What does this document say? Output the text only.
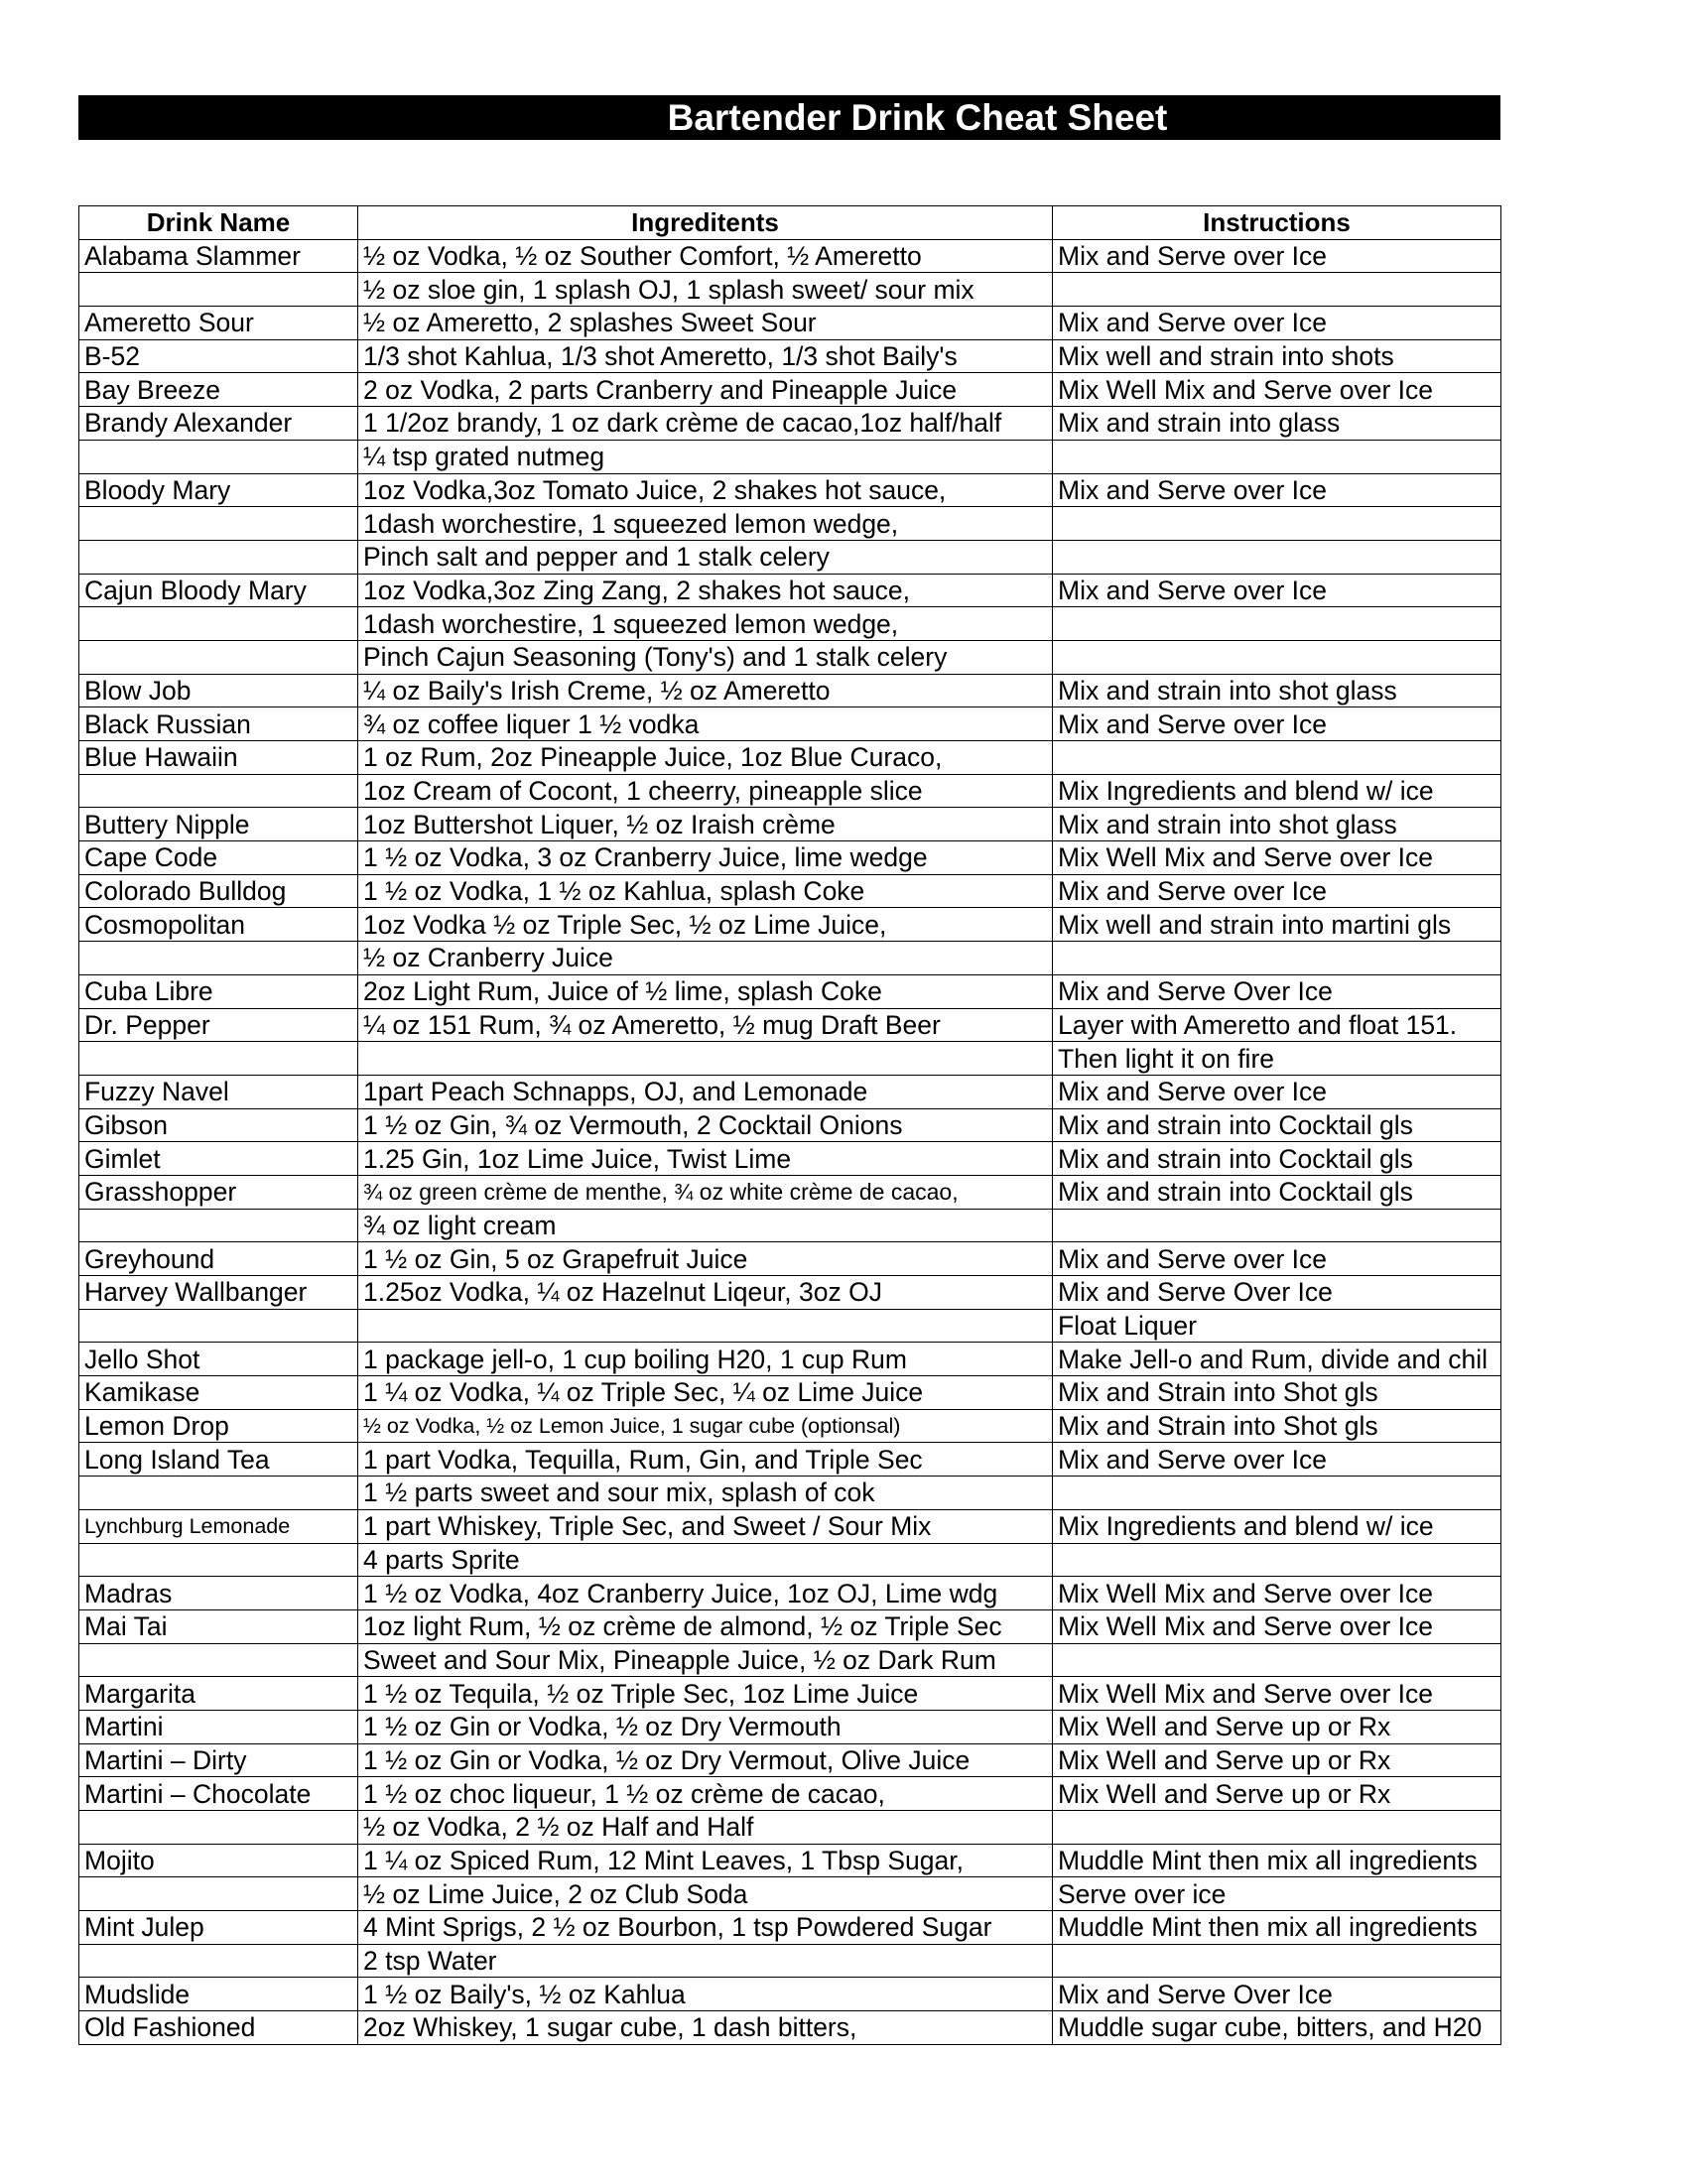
Bartender Drink Cheat Sheet
Drink Name	Ingreditents	Instructions
Alabama Slammer	½ oz Vodka, ½ oz Souther Comfort, ½ Ameretto	Mix and Serve over Ice
	½ oz sloe gin, 1 splash OJ, 1 splash sweet/ sour mix	
Ameretto Sour	½ oz Ameretto, 2 splashes Sweet Sour	Mix and Serve over Ice
B-52	1/3 shot Kahlua, 1/3 shot Ameretto, 1/3 shot Baily's	Mix well and strain into shots
Bay Breeze	2 oz Vodka, 2 parts Cranberry and Pineapple Juice	Mix Well Mix and Serve over Ice
Brandy Alexander	1 1/2oz brandy, 1 oz dark crème de cacao,1oz half/half	Mix and strain into glass
	¼ tsp grated nutmeg	
Bloody Mary	1oz Vodka,3oz Tomato Juice, 2 shakes hot sauce,	Mix and Serve over Ice
	1dash worchestire, 1 squeezed lemon wedge,	
	Pinch salt and pepper and 1 stalk celery	
Cajun Bloody Mary	1oz Vodka,3oz Zing Zang, 2 shakes hot sauce,	Mix and Serve over Ice
	1dash worchestire, 1 squeezed lemon wedge,	
	Pinch Cajun Seasoning (Tony's) and 1 stalk celery	
Blow Job	¼ oz Baily's Irish Creme, ½ oz Ameretto	Mix and strain into shot glass
Black Russian	¾ oz coffee liquer 1 ½ vodka	Mix and Serve over Ice
Blue Hawaiin	1 oz Rum, 2oz Pineapple Juice, 1oz Blue Curaco,	
	1oz Cream of Cocont, 1 cheerry, pineapple slice	Mix Ingredients and blend w/ ice
Buttery Nipple	1oz Buttershot Liquer, ½ oz Iraish crème	Mix and strain into shot glass
Cape Code	1 ½ oz Vodka, 3 oz Cranberry Juice, lime wedge	Mix Well Mix and Serve over Ice
Colorado Bulldog	1 ½ oz Vodka, 1 ½ oz Kahlua, splash Coke	Mix and Serve over Ice
Cosmopolitan	1oz Vodka ½ oz Triple Sec, ½ oz Lime Juice,	Mix well and strain into martini gls
	½ oz Cranberry Juice	
Cuba Libre	2oz Light Rum, Juice of ½ lime, splash Coke	Mix and Serve Over Ice
Dr. Pepper	¼ oz 151 Rum, ¾ oz Ameretto, ½ mug Draft Beer	Layer with Ameretto and float 151.
		Then light it on fire
Fuzzy Navel	1part Peach Schnapps, OJ, and Lemonade	Mix and Serve over Ice
Gibson	1 ½ oz Gin, ¾ oz Vermouth, 2 Cocktail Onions	Mix and strain into Cocktail gls
Gimlet	1.25 Gin, 1oz Lime Juice, Twist Lime	Mix and strain into Cocktail gls
Grasshopper	¾ oz green crème de menthe, ¾ oz white crème de cacao,	Mix and strain into Cocktail gls
	¾ oz light cream	
Greyhound	1 ½ oz Gin, 5 oz Grapefruit Juice	Mix and Serve over Ice
Harvey Wallbanger	1.25oz Vodka, ¼ oz Hazelnut Liqeur, 3oz OJ	Mix and Serve Over Ice
		Float Liquer
Jello Shot	1 package jell-o, 1 cup boiling H20, 1 cup Rum	Make Jell-o and Rum, divide and chil
Kamikase	1 ¼ oz Vodka, ¼ oz Triple Sec, ¼ oz Lime Juice	Mix and Strain into Shot gls
Lemon Drop	½ oz Vodka, ½ oz Lemon Juice, 1 sugar cube (optionsal)	Mix and Strain into Shot gls
Long Island Tea	1 part Vodka, Tequilla, Rum, Gin, and Triple Sec	Mix and Serve over Ice
	1 ½ parts sweet and sour mix, splash of cok	
Lynchburg Lemonade	1 part Whiskey, Triple Sec, and Sweet / Sour Mix	Mix Ingredients and blend w/ ice
	4 parts Sprite	
Madras	1 ½ oz Vodka, 4oz Cranberry Juice, 1oz OJ, Lime wdg	Mix Well Mix and Serve over Ice
Mai Tai	1oz light Rum, ½ oz crème de almond, ½ oz Triple Sec	Mix Well Mix and Serve over Ice
	Sweet and Sour Mix, Pineapple Juice, ½ oz Dark Rum	
Margarita	1 ½ oz Tequila, ½ oz Triple Sec, 1oz Lime Juice	Mix Well Mix and Serve over Ice
Martini	1 ½ oz Gin or Vodka, ½ oz Dry Vermouth	Mix Well and Serve up or Rx
Martini – Dirty	1 ½ oz Gin or Vodka, ½ oz Dry Vermout, Olive Juice	Mix Well and Serve up or Rx
Martini – Chocolate	1 ½ oz choc liqueur, 1 ½ oz crème de cacao,	Mix Well and Serve up or Rx
	½ oz Vodka, 2 ½ oz Half and Half	
Mojito	1 ¼ oz Spiced Rum, 12 Mint Leaves, 1 Tbsp Sugar,	Muddle Mint then mix all ingredients
	½ oz Lime Juice, 2 oz Club Soda	Serve over ice
Mint Julep	4 Mint Sprigs, 2 ½ oz Bourbon, 1 tsp Powdered Sugar	Muddle Mint then mix all ingredients
	2 tsp Water	
Mudslide	1 ½ oz Baily's, ½ oz Kahlua	Mix and Serve Over Ice
Old Fashioned	2oz Whiskey, 1 sugar cube, 1 dash bitters,	Muddle sugar cube, bitters, and H20
